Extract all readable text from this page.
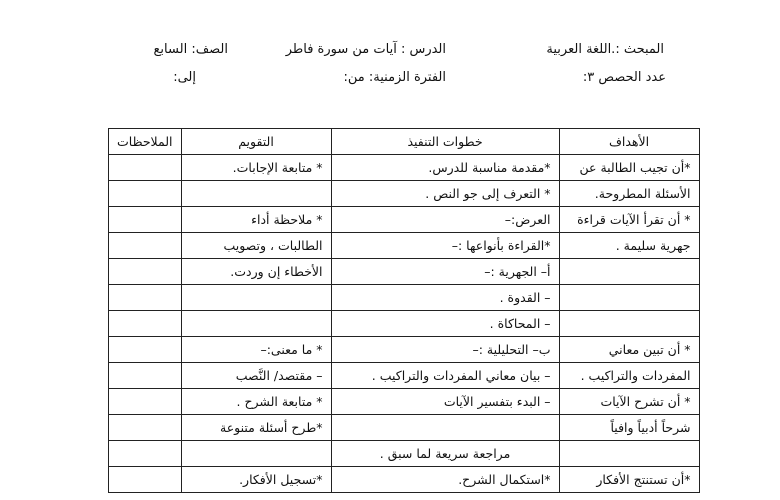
المبحث :.اللغة العربية
الدرس : آيات من سورة فاطر
الصف: السابع
عدد الحصص ٣:
الفترة الزمنية: من:
إلى:
الأهداف	خطوات التنفيذ	التقويم	الملاحظات
*أن تجيب الطالبة عن	*مقدمة مناسبة للدرس.	* متابعة الإجابات.	
الأسئلة المطروحة.	* التعرف إلى جو النص .		
* أن تقرأ الآيات قراءة	العرض:–	* ملاحظة أداء	
جهرية سليمة .	*القراءة بأنواعها :–	الطالبات ، وتصويب	
	أ– الجهرية :–	الأخطاء إن وردت.	
	– القدوة .		
	– المحاكاة .		
* أن تبين معاني	ب– التحليلية :–	* ما معنى:–	
المفردات والتراكيب .	– بيان معاني المفردات والتراكيب .	– مقتصد/ النَّصب	
* أن تشرح الآيات	– البدء بتفسير الآيات	* متابعة الشرح .	
شرحاً أدبياً وافياً		*طرح أسئلة متنوعة	
	مراجعة سريعة لما سبق .		
*أن تستنتج الأفكار	*استكمال الشرح.	*تسجيل الأفكار.	
